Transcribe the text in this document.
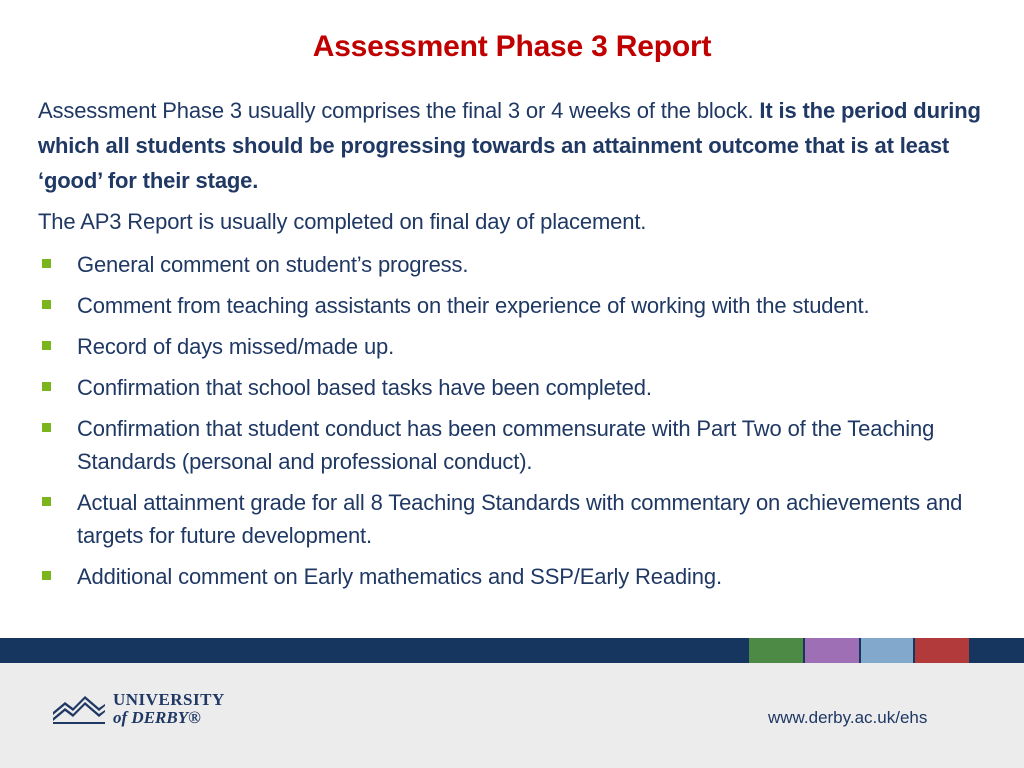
Assessment Phase 3 Report
Assessment Phase 3 usually comprises the final 3 or 4 weeks of the block. It is the period during which all students should be progressing towards an attainment outcome that is at least ‘good’ for their stage.
The AP3 Report is usually completed on final day of placement.
General comment on student’s progress.
Comment from teaching assistants on their experience of working with the student.
Record of days missed/made up.
Confirmation that school based tasks have been completed.
Confirmation that student conduct has been commensurate with Part Two of the Teaching Standards (personal and professional conduct).
Actual attainment grade for all 8 Teaching Standards with commentary on achievements and targets for future development.
Additional comment on Early mathematics and SSP/Early Reading.
UNIVERSITY
of DERBY®	www.derby.ac.uk/ehs
